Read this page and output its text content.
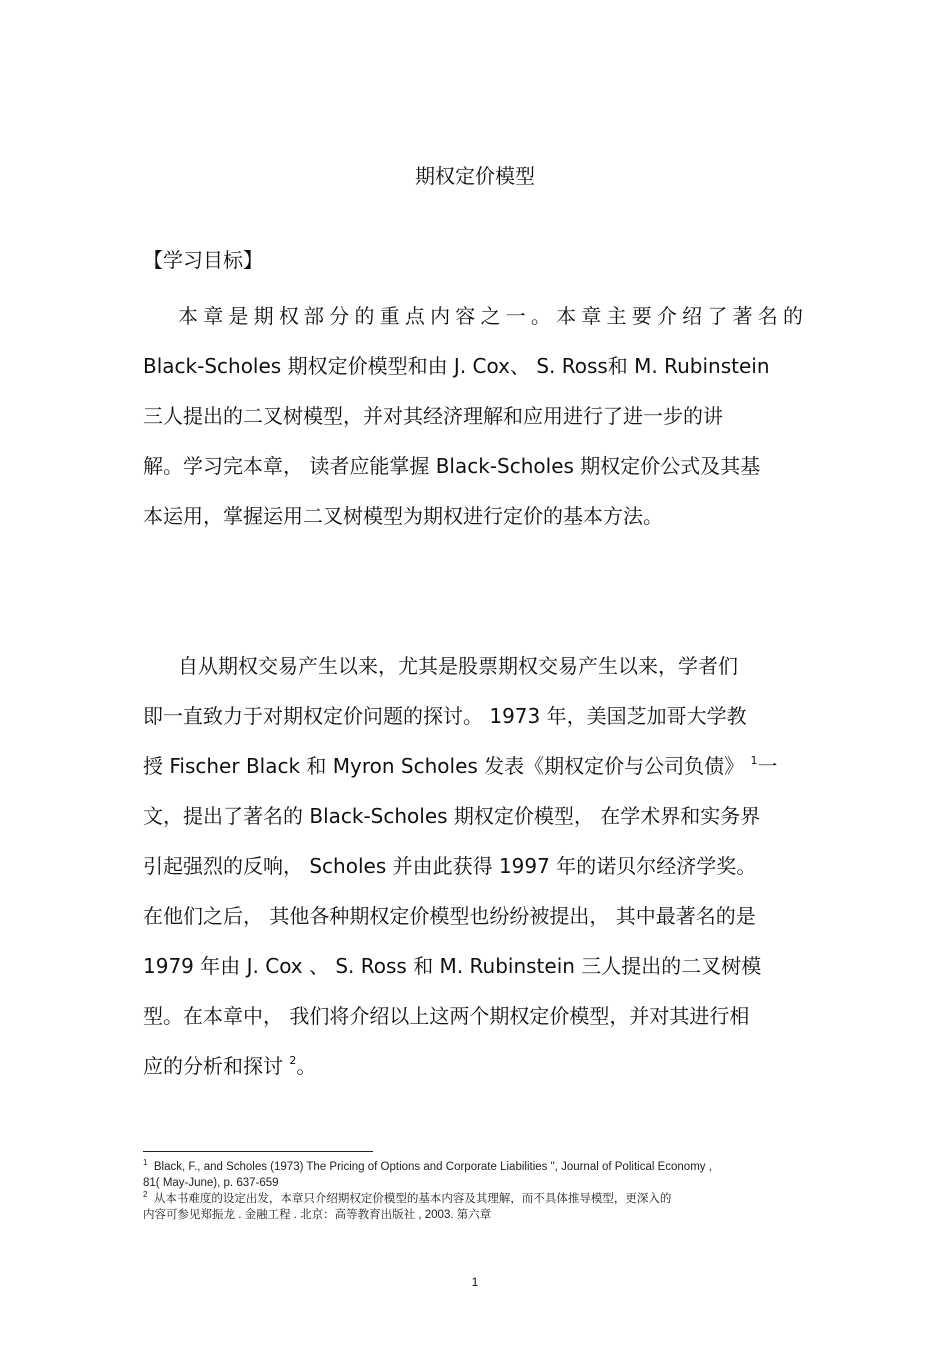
期权定价模型
【学习目标】
本章是期权部分的重点内容之一。本章主要介绍了著名的
Black-Scholes 期权定价模型和由 J. Cox、 S. Ross和 M. Rubinstein
三人提出的二叉树模型，并对其经济理解和应用进行了进一步的讲
解。学习完本章， 读者应能掌握 Black-Scholes 期权定价公式及其基
本运用，掌握运用二叉树模型为期权进行定价的基本方法。
自从期权交易产生以来，尤其是股票期权交易产生以来，学者们
即一直致力于对期权定价问题的探讨。 1973 年，美国芝加哥大学教
授 Fischer Black 和 Myron Scholes 发表《期权定价与公司负债》 $^1$一
文，提出了著名的 Black-Scholes 期权定价模型， 在学术界和实务界
引起强烈的反响， Scholes 并由此获得 1997 年的诺贝尔经济学奖。
在他们之后， 其他各种期权定价模型也纷纷被提出， 其中最著名的是
1979 年由 J. Cox 、 S. Ross 和 M. Rubinstein 三人提出的二叉树模
型。在本章中， 我们将介绍以上这两个期权定价模型，并对其进行相
应的分析和探讨 $^2$。
$^1$ Black, F., and Scholes (1973) The Pricing of Options and Corporate Liabilities ", Journal of Political Economy ,
81( May-June), p. 637-659
$^2$ 从本书难度的设定出发，本章只介绍期权定价模型的基本内容及其理解，而不具体推导模型，更深入的
内容可参见郑振龙 . 金融工程 . 北京：高等教育出版社 , 2003. 第六章
1
